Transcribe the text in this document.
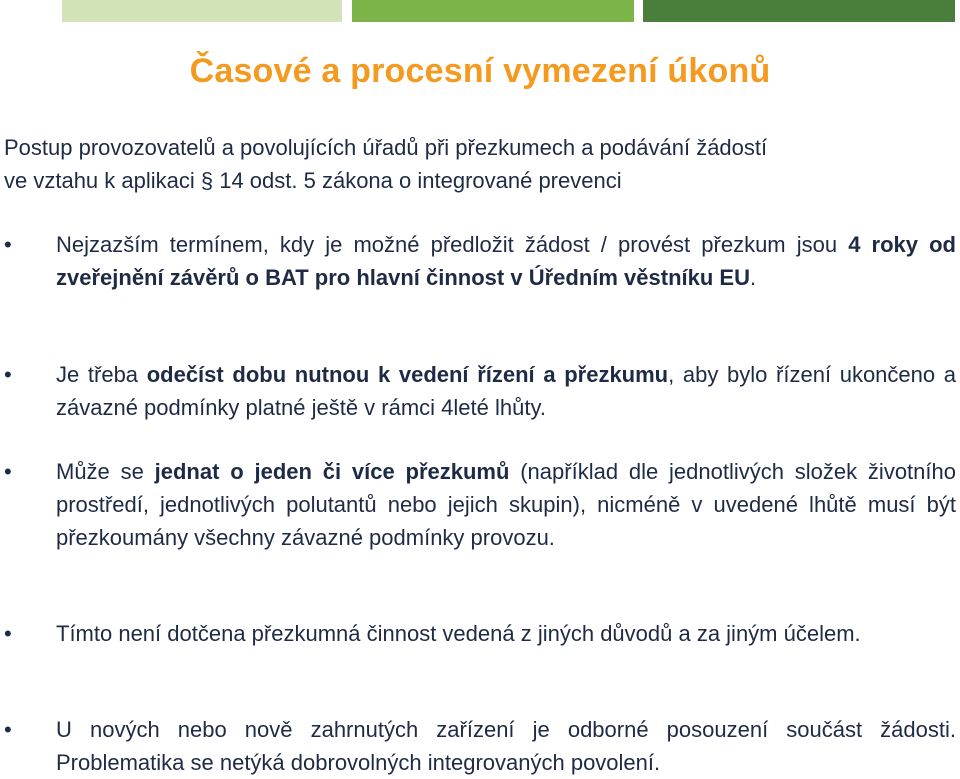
Časové a procesní vymezení úkonů
Postup provozovatelů a povolujících úřadů při přezkumech a podávání žádostí
ve vztahu k aplikaci § 14 odst. 5 zákona o integrované prevenci
• Nejzazším termínem, kdy je možné předložit žádost / provést přezkum jsou 4 roky od zveřejnění závěrů o BAT pro hlavní činnost v Úředním věstníku EU.
• Je třeba odečíst dobu nutnou k vedení řízení a přezkumu, aby bylo řízení ukončeno a závazné podmínky platné ještě v rámci 4leté lhůty.
• Může se jednat o jeden či více přezkumů (například dle jednotlivých složek životního prostředí, jednotlivých polutantů nebo jejich skupin), nicméně v uvedené lhůtě musí být přezkoumány všechny závazné podmínky provozu.
• Tímto není dotčena přezkumná činnost vedená z jiných důvodů a za jiným účelem.
• U nových nebo nově zahrnutých zařízení je odborné posouzení součást žádosti. Problematika se netýká dobrovolných integrovaných povolení.
